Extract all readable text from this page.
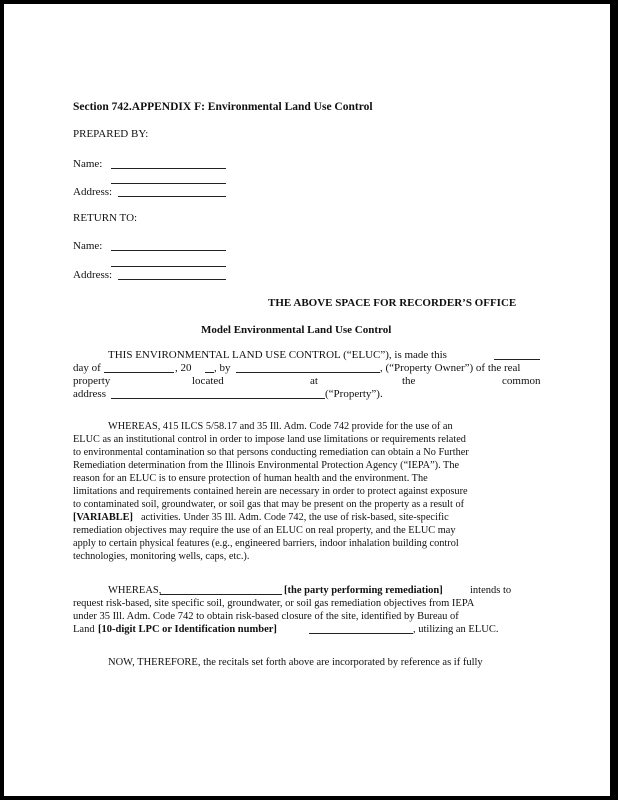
Section 742.APPENDIX F: Environmental Land Use Control
PREPARED BY:
Name:
Address:
RETURN TO:
Name:
Address:
THE ABOVE SPACE FOR RECORDER’S OFFICE
Model Environmental Land Use Control
THIS ENVIRONMENTAL LAND USE CONTROL (“ELUC”), is made this
day of	, 20 , by	, (“Property Owner”) of the real
property	located	at	the	common
address	(“Property”).
WHEREAS, 415 ILCS 5/58.17 and 35 Ill. Adm. Code 742 provide for the use of an
ELUC as an institutional control in order to impose land use limitations or requirements related
to environmental contamination so that persons conducting remediation can obtain a No Further
Remediation determination from the Illinois Environmental Protection Agency (“IEPA”). The
reason for an ELUC is to ensure protection of human health and the environment. The
limitations and requirements contained herein are necessary in order to protect against exposure
to contaminated soil, groundwater, or soil gas that may be present on the property as a result of
[VARIABLE] activities. Under 35 Ill. Adm. Code 742, the use of risk-based, site-specific
remediation objectives may require the use of an ELUC on real property, and the ELUC may
apply to certain physical features (e.g., engineered barriers, indoor inhalation building control
technologies, monitoring wells, caps, etc.).
WHEREAS,	[the party performing remediation]	intends to
request risk-based, site specific soil, groundwater, or soil gas remediation objectives from IEPA
under 35 Ill. Adm. Code 742 to obtain risk-based closure of the site, identified by Bureau of
Land [10-digit LPC or Identification number]	, utilizing an ELUC.
NOW, THEREFORE, the recitals set forth above are incorporated by reference as if fully
